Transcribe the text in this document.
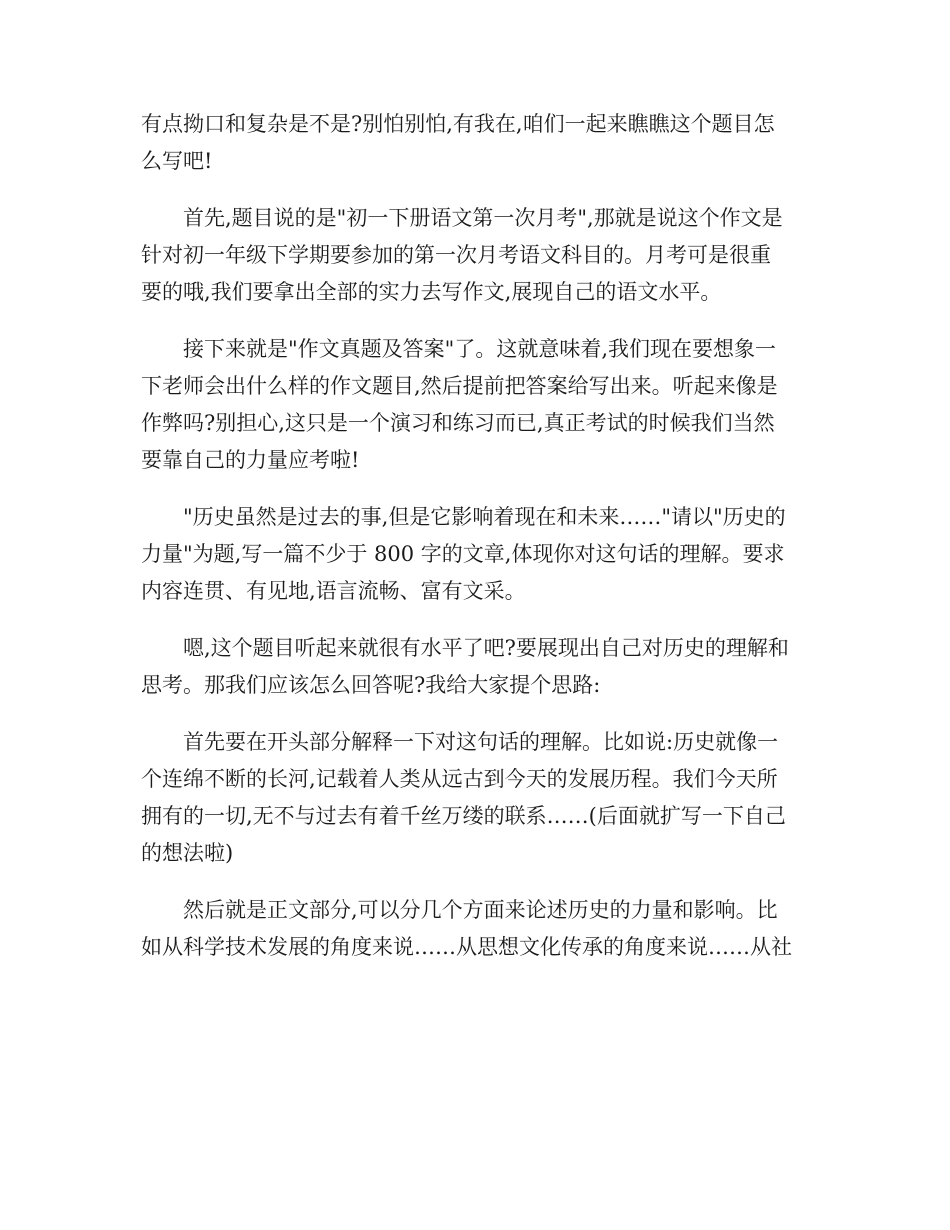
有点拗口和复杂是不是?别怕别怕,有我在,咱们一起来瞧瞧这个题目怎
么写吧!

首先,题目说的是"初一下册语文第一次月考",那就是说这个作文是
针对初一年级下学期要参加的第一次月考语文科目的。月考可是很重
要的哦,我们要拿出全部的实力去写作文,展现自己的语文水平。

接下来就是"作文真题及答案"了。这就意味着,我们现在要想象一
下老师会出什么样的作文题目,然后提前把答案给写出来。听起来像是
作弊吗?别担心,这只是一个演习和练习而已,真正考试的时候我们当然
要靠自己的力量应考啦!

"历史虽然是过去的事,但是它影响着现在和未来……"请以"历史的
力量"为题,写一篇不少于 800 字的文章,体现你对这句话的理解。要求
内容连贯、有见地,语言流畅、富有文采。

嗯,这个题目听起来就很有水平了吧?要展现出自己对历史的理解和
思考。那我们应该怎么回答呢?我给大家提个思路:

首先要在开头部分解释一下对这句话的理解。比如说:历史就像一
个连绵不断的长河,记载着人类从远古到今天的发展历程。我们今天所
拥有的一切,无不与过去有着千丝万缕的联系……(后面就扩写一下自己
的想法啦)

然后就是正文部分,可以分几个方面来论述历史的力量和影响。比
如从科学技术发展的角度来说……从思想文化传承的角度来说……从社
